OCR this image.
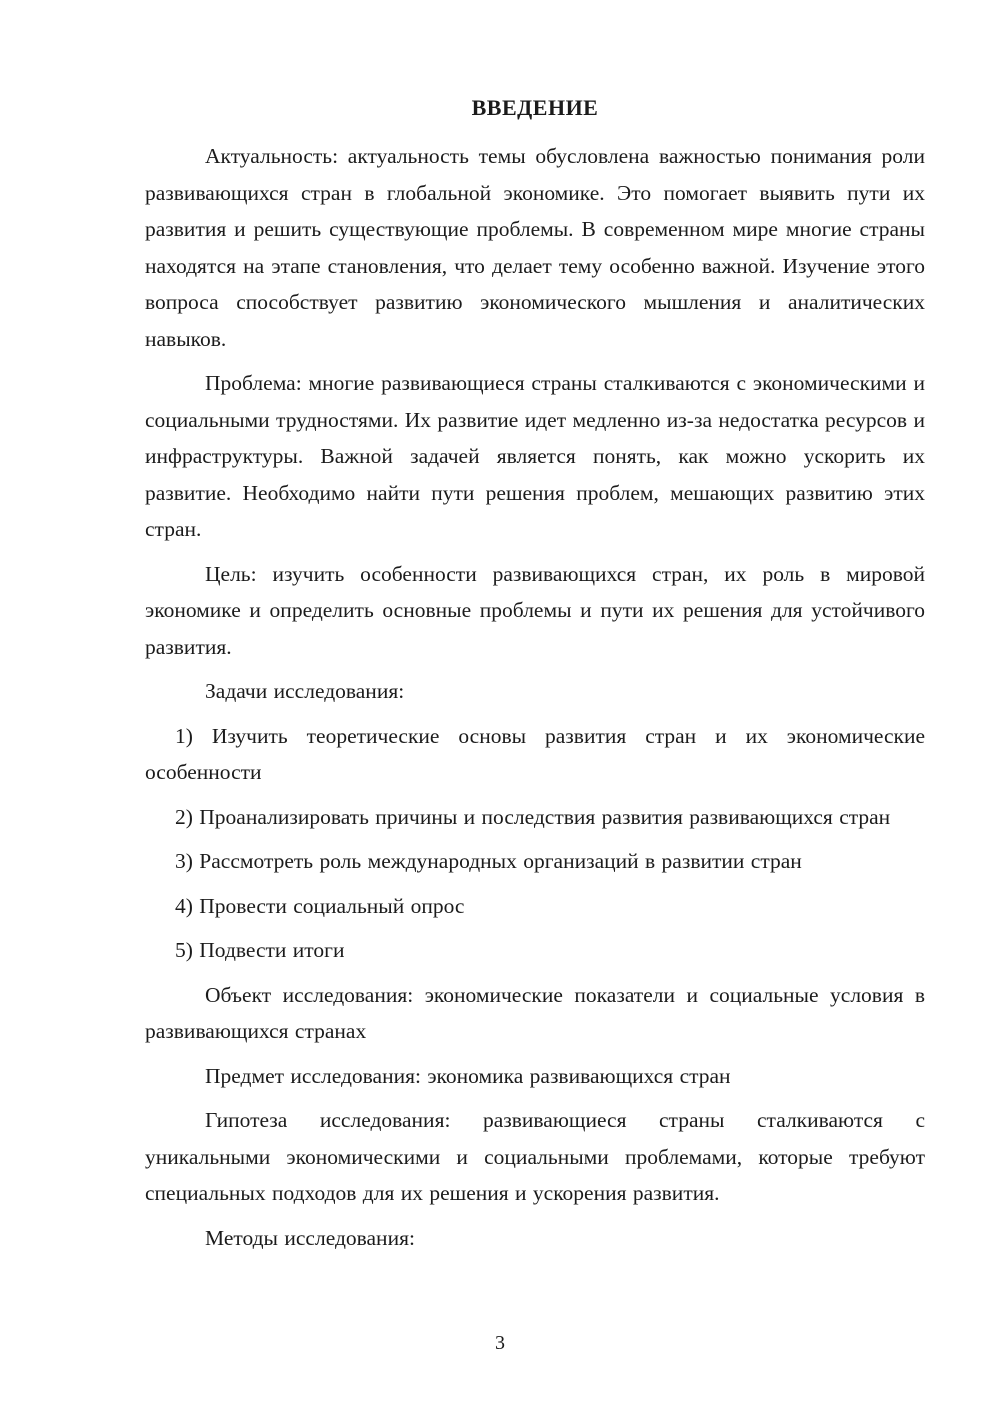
ВВЕДЕНИЕ

Актуальность: актуальность темы обусловлена важностью понимания роли развивающихся стран в глобальной экономике. Это помогает выявить пути их развития и решить существующие проблемы. В современном мире многие страны находятся на этапе становления, что делает тему особенно важной. Изучение этого вопроса способствует развитию экономического мышления и аналитических навыков.

Проблема: многие развивающиеся страны сталкиваются с экономическими и социальными трудностями. Их развитие идет медленно из-за недостатка ресурсов и инфраструктуры. Важной задачей является понять, как можно ускорить их развитие. Необходимо найти пути решения проблем, мешающих развитию этих стран.

Цель: изучить особенности развивающихся стран, их роль в мировой экономике и определить основные проблемы и пути их решения для устойчивого развития.

Задачи исследования:

1) Изучить теоретические основы развития стран и их экономические особенности

2) Проанализировать причины и последствия развития развивающихся стран

3) Рассмотреть роль международных организаций в развитии стран

4) Провести социальный опрос

5) Подвести итоги

Объект исследования: экономические показатели и социальные условия в развивающихся странах

Предмет исследования: экономика развивающихся стран

Гипотеза исследования: развивающиеся страны сталкиваются с уникальными экономическими и социальными проблемами, которые требуют специальных подходов для их решения и ускорения развития.

Методы исследования:

3
